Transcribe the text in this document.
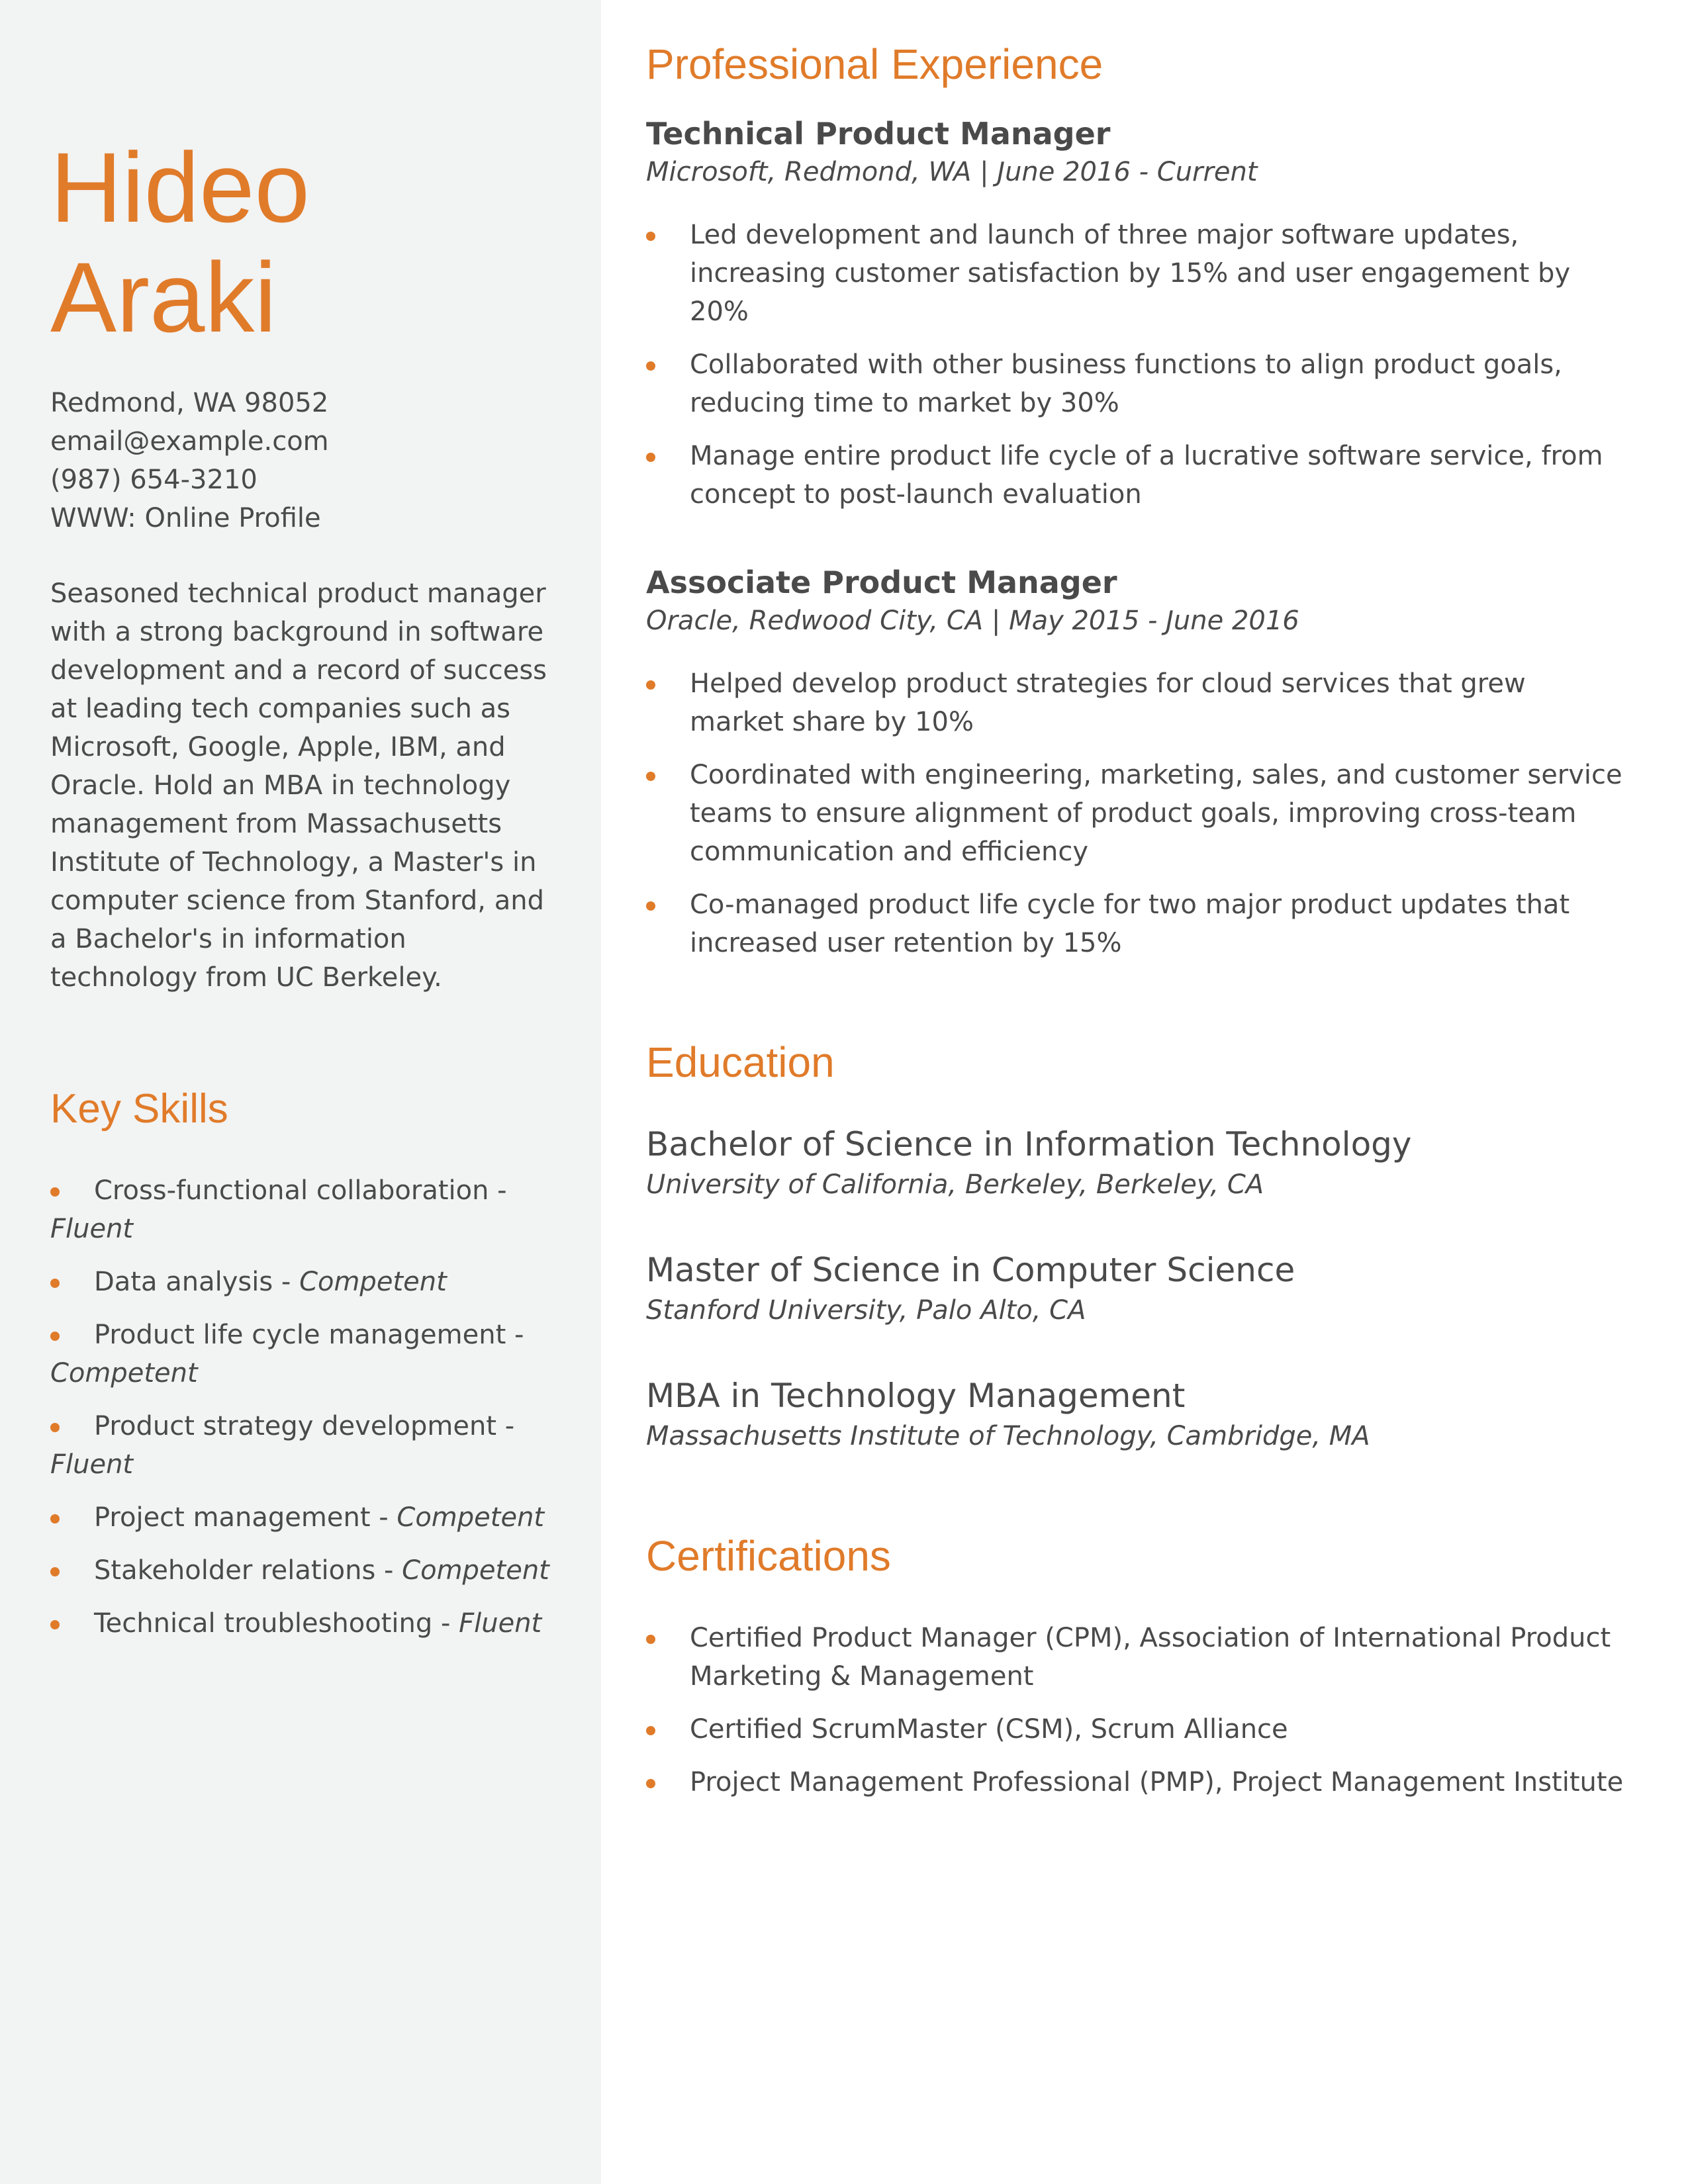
Hideo
Araki
Redmond, WA 98052
email@example.com
(987) 654-3210
WWW: Online Profile
Seasoned technical product manager with a strong background in software development and a record of success at leading tech companies such as Microsoft, Google, Apple, IBM, and Oracle. Hold an MBA in technology management from Massachusetts Institute of Technology, a Master's in computer science from Stanford, and a Bachelor's in information technology from UC Berkeley.
Key Skills
Cross-functional collaboration - Fluent
Data analysis - Competent
Product life cycle management - Competent
Product strategy development - Fluent
Project management - Competent
Stakeholder relations - Competent
Technical troubleshooting - Fluent
Professional Experience
Technical Product Manager
Microsoft, Redmond, WA | June 2016 - Current
Led development and launch of three major software updates, increasing customer satisfaction by 15% and user engagement by 20%
Collaborated with other business functions to align product goals, reducing time to market by 30%
Manage entire product life cycle of a lucrative software service, from concept to post-launch evaluation
Associate Product Manager
Oracle, Redwood City, CA | May 2015 - June 2016
Helped develop product strategies for cloud services that grew market share by 10%
Coordinated with engineering, marketing, sales, and customer service teams to ensure alignment of product goals, improving cross-team communication and efficiency
Co-managed product life cycle for two major product updates that increased user retention by 15%
Education
Bachelor of Science in Information Technology
University of California, Berkeley, Berkeley, CA
Master of Science in Computer Science
Stanford University, Palo Alto, CA
MBA in Technology Management
Massachusetts Institute of Technology, Cambridge, MA
Certifications
Certified Product Manager (CPM), Association of International Product Marketing & Management
Certified ScrumMaster (CSM), Scrum Alliance
Project Management Professional (PMP), Project Management Institute
